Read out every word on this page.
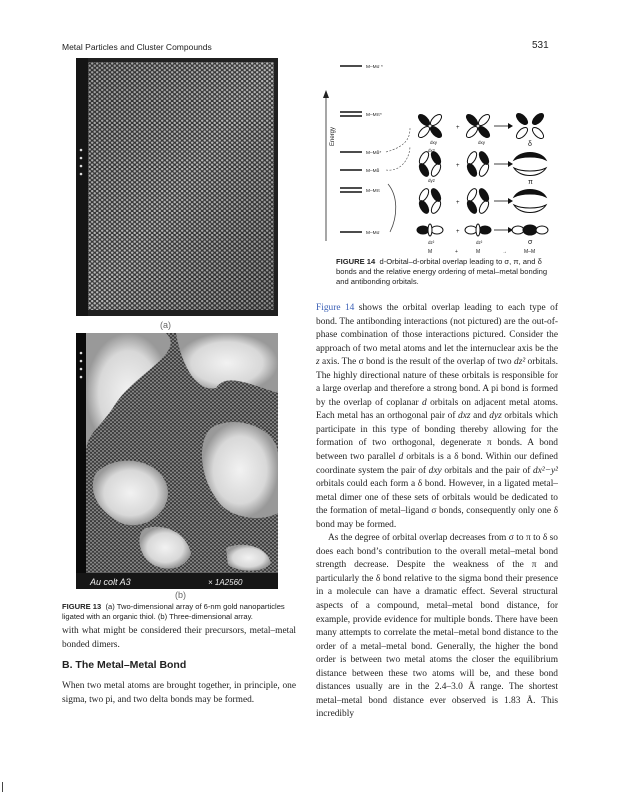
Metal Particles and Cluster Compounds	531
(a)
Au colt A3	× 1A2560
(b)
FIGURE 13 (a) Two-dimensional array of 6-nm gold nanoparticles ligated with an organic thiol. (b) Three-dimensional array.
with what might be considered their precursors, metal–metal bonded dimers.
B. The Metal–Metal Bond
When two metal atoms are brought together, in principle, one sigma, two pi, and two delta bonds may be formed.
Energy
M–Mσ *
M–Mπ*
M–Mδ*
M–Mδ
M–Mπ
M–Mσ
+
dxy	dxy	δ
+
dxz
dyz	π
+
+
dz²	dz²	σ
M	+	M	→	M–M
FIGURE 14 d-Orbital–d-orbital overlap leading to σ, π, and δ bonds and the relative energy ordering of metal–metal bonding and antibonding orbitals.

Figure 14 shows the orbital overlap leading to each type of bond. The antibonding interactions (not pictured) are the out-of-phase combination of those interactions pictured. Consider the approach of two metal atoms and let the internuclear axis be the z axis. The σ bond is the result of the overlap of two dz² orbitals. The highly directional nature of these orbitals is responsible for a large overlap and therefore a strong bond. A pi bond is formed by the overlap of coplanar d orbitals on adjacent metal atoms. Each metal has an orthogonal pair of dxz and dyz orbitals which participate in this type of bonding thereby allowing for the formation of two orthogonal, degenerate π bonds. A bond between two parallel d orbitals is a δ bond. Within our defined coordinate system the pair of dxy orbitals and the pair of dx²−y² orbitals could each form a δ bond. However, in a ligated metal–metal dimer one of these sets of orbitals would be dedicated to the formation of metal–ligand σ bonds, consequently only one δ bond may be formed.

As the degree of orbital overlap decreases from σ to π to δ so does each bond’s contribution to the overall metal–metal bond strength decrease. Despite the weakness of the π and particularly the δ bond relative to the sigma bond their presence in a molecule can have a dramatic effect. Several structural aspects of a compound, metal–metal bond distance, for example, provide evidence for multiple bonds. There have been many attempts to correlate the metal–metal bond distance to the order of a metal–metal bond. Generally, the higher the bond order is between two metal atoms the closer the equilibrium distance between these two atoms will be, and these bond distances usually are in the 2.4–3.0 Å range. The shortest metal–metal bond distance ever observed is 1.83 Å. This incredibly
